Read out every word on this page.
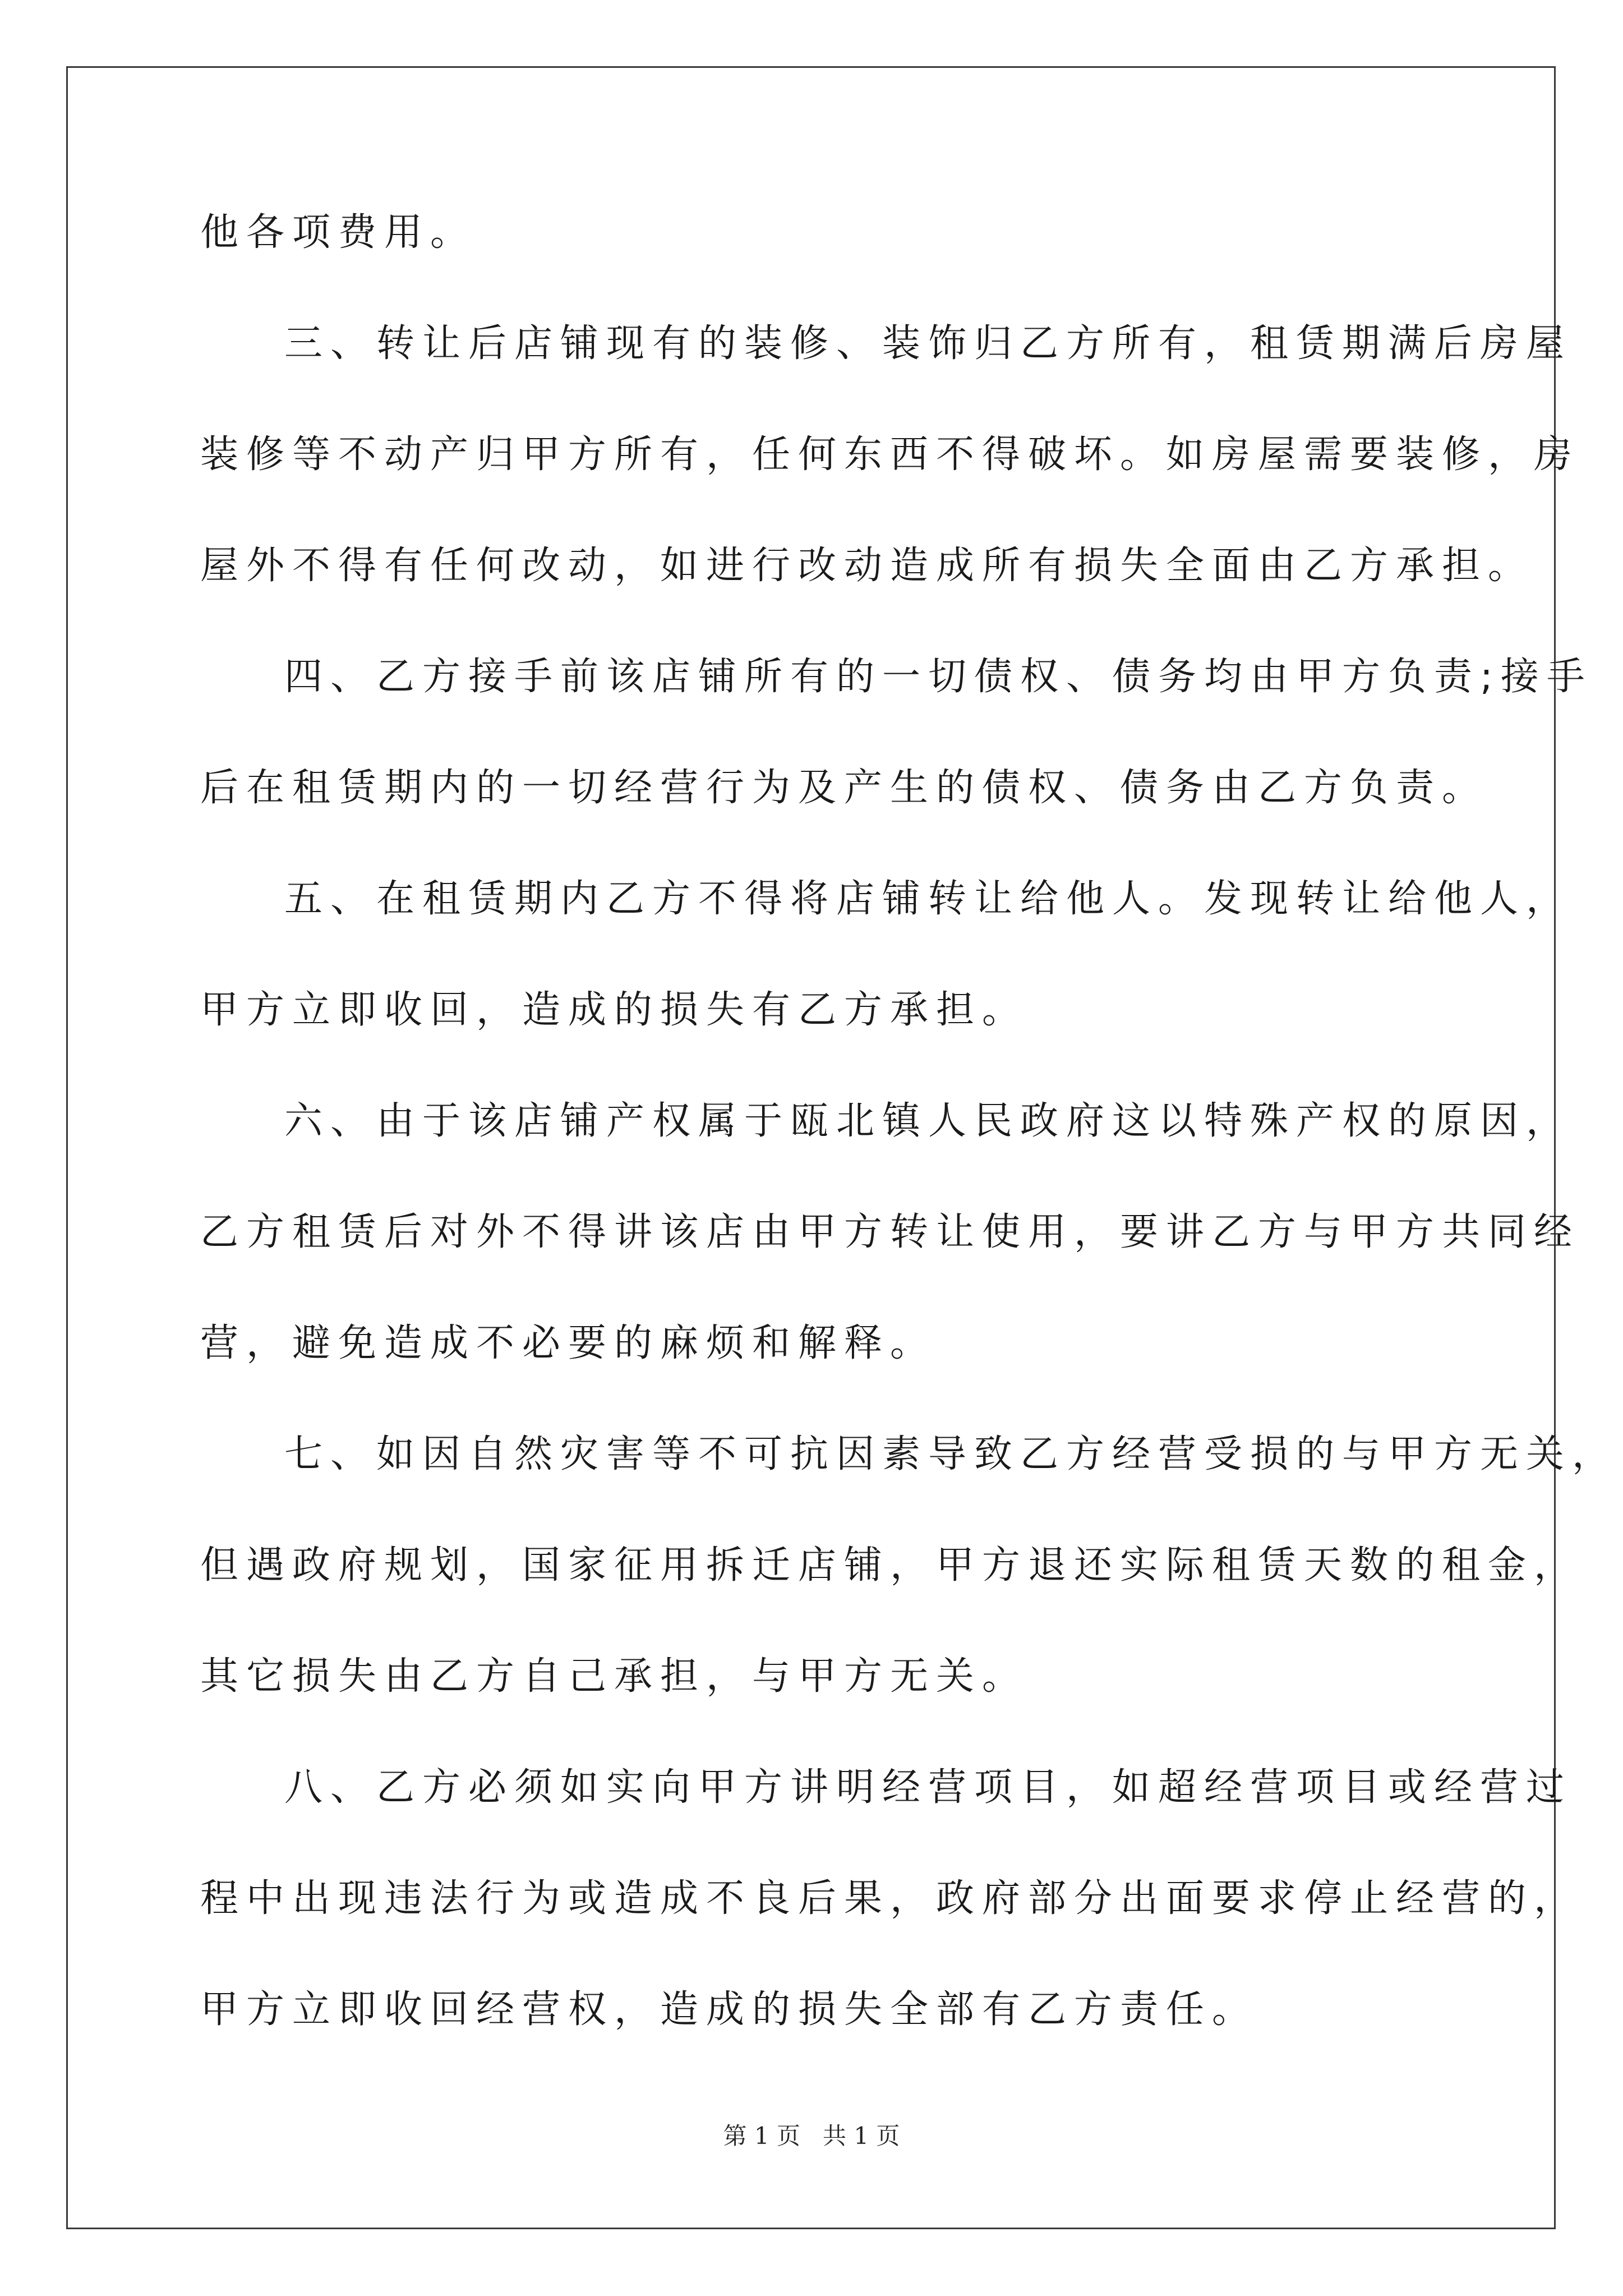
他各项费用。
三、转让后店铺现有的装修、装饰归乙方所有，租赁期满后房屋
装修等不动产归甲方所有，任何东西不得破坏。如房屋需要装修，房
屋外不得有任何改动，如进行改动造成所有损失全面由乙方承担。
四、乙方接手前该店铺所有的一切债权、债务均由甲方负责;接手
后在租赁期内的一切经营行为及产生的债权、债务由乙方负责。
五、在租赁期内乙方不得将店铺转让给他人。发现转让给他人，
甲方立即收回，造成的损失有乙方承担。
六、由于该店铺产权属于瓯北镇人民政府这以特殊产权的原因，
乙方租赁后对外不得讲该店由甲方转让使用，要讲乙方与甲方共同经
营，避免造成不必要的麻烦和解释。
七、如因自然灾害等不可抗因素导致乙方经营受损的与甲方无关，
但遇政府规划，国家征用拆迁店铺，甲方退还实际租赁天数的租金，
其它损失由乙方自己承担，与甲方无关。
八、乙方必须如实向甲方讲明经营项目，如超经营项目或经营过
程中出现违法行为或造成不良后果，政府部分出面要求停止经营的，
甲方立即收回经营权，造成的损失全部有乙方责任。
第 1 页 共 1 页
